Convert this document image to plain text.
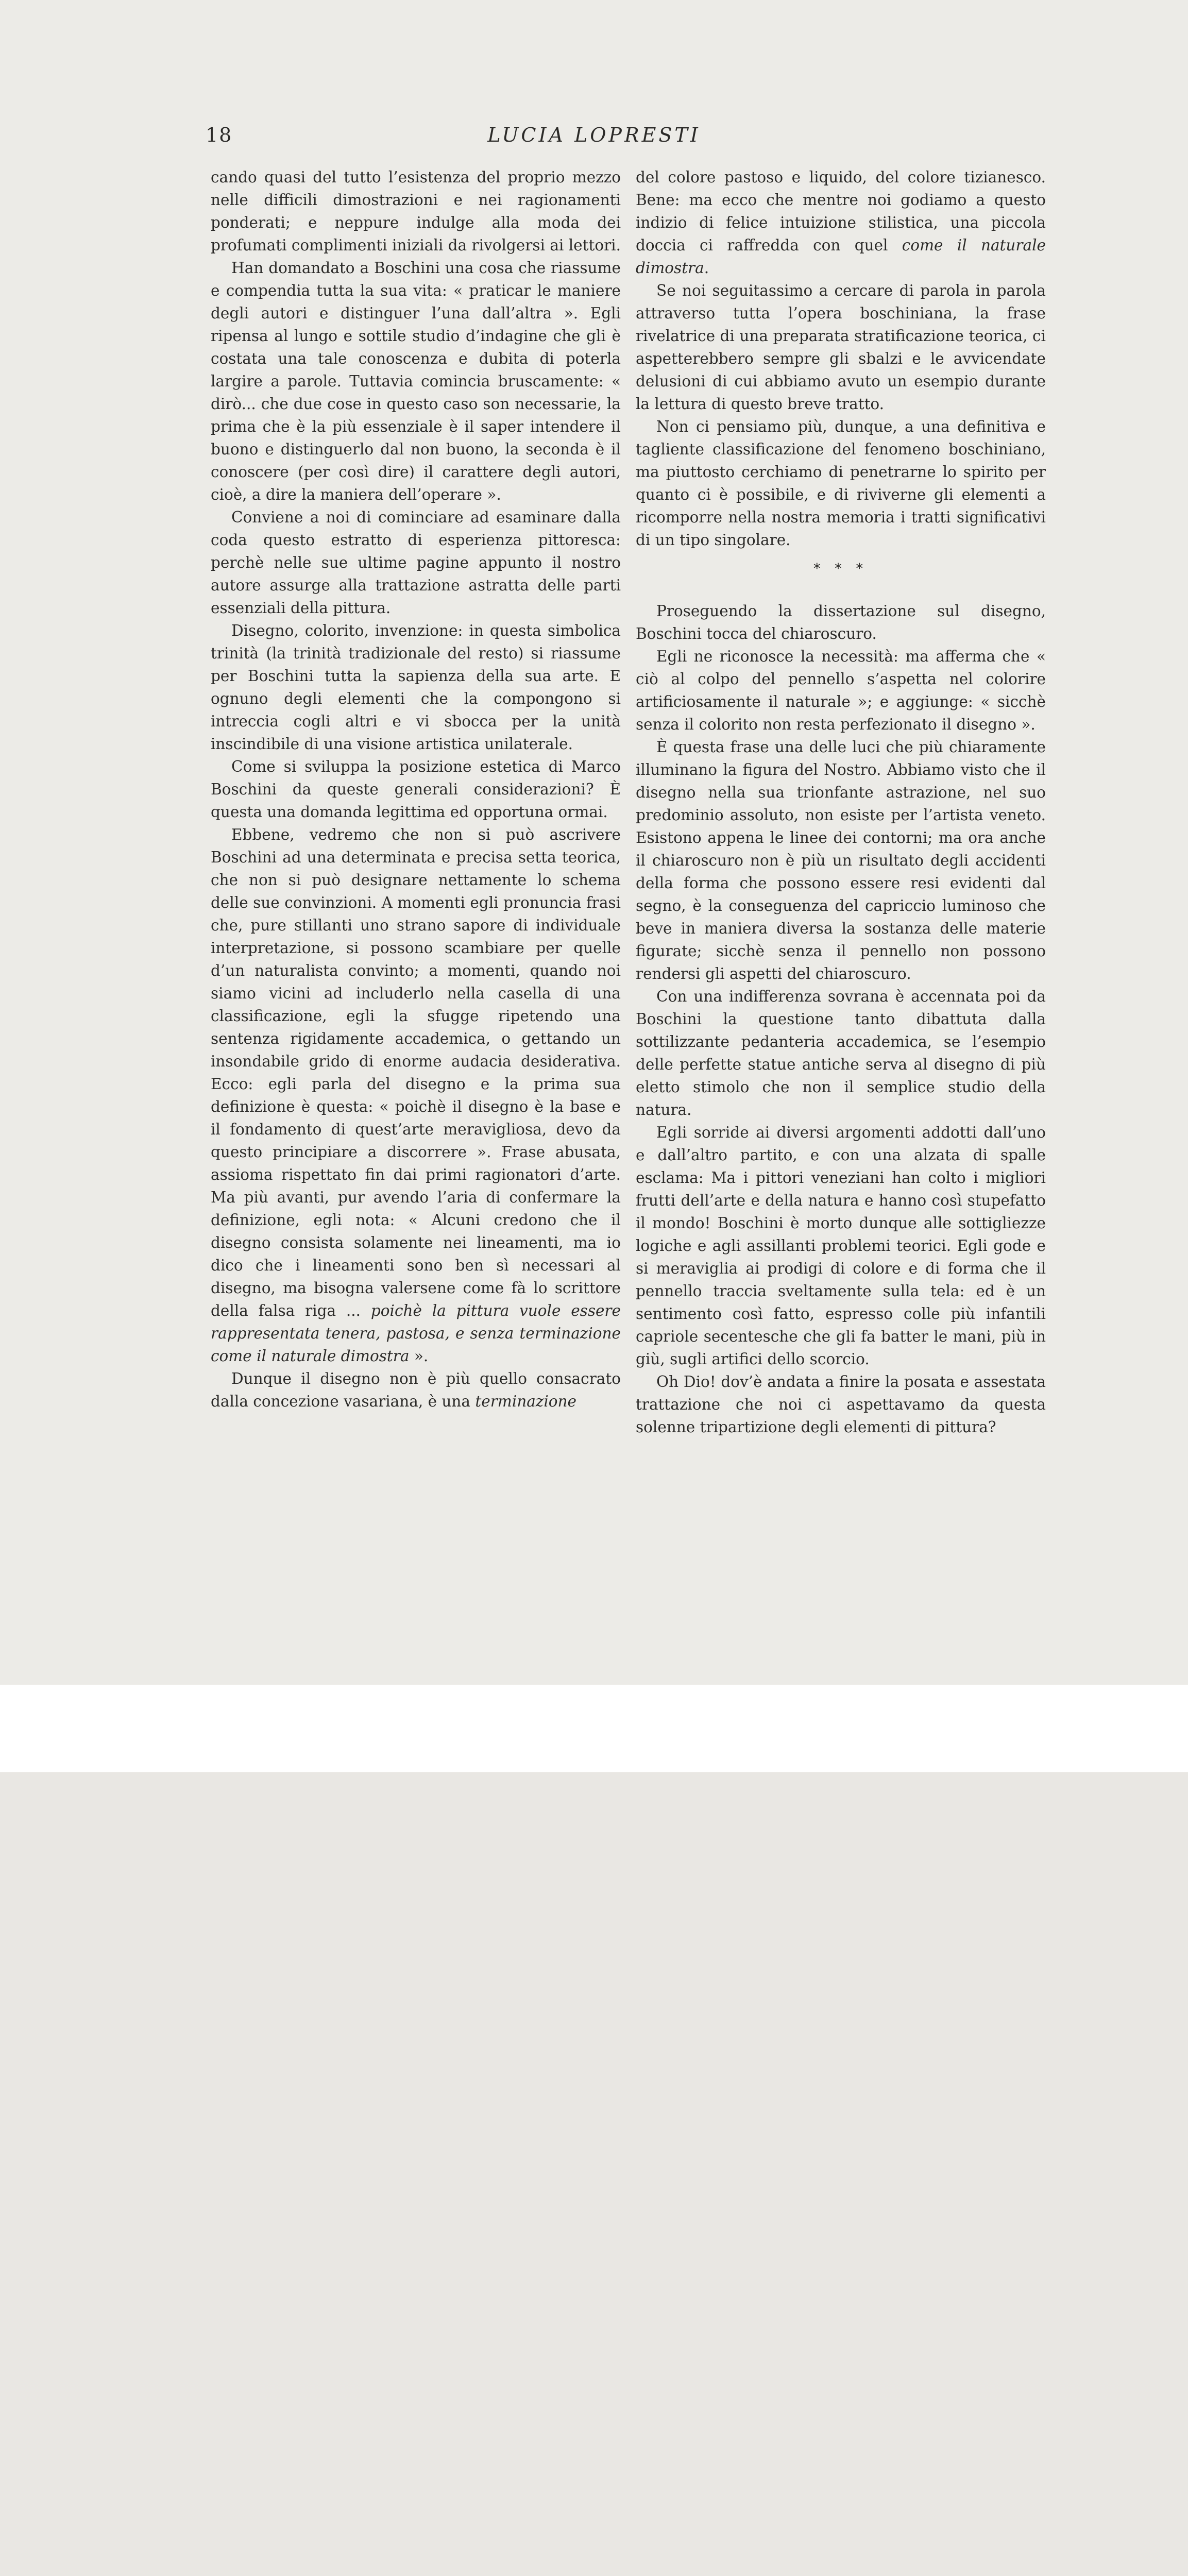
18	LUCIA LOPRESTI

cando quasi del tutto l’esistenza del proprio mezzo nelle difficili dimostrazioni e nei ragionamenti ponderati; e neppure indulge alla moda dei profumati complimenti iniziali da rivolgersi ai lettori.

Han domandato a Boschini una cosa che riassume e compendia tutta la sua vita: « praticar le maniere degli autori e distinguer l’una dall’altra ». Egli ripensa al lungo e sottile studio d’indagine che gli è costata una tale conoscenza e dubita di poterla largire a parole. Tuttavia comincia bruscamente: « dirò... che due cose in questo caso son necessarie, la prima che è la più essenziale è il saper intendere il buono e distinguerlo dal non buono, la seconda è il conoscere (per così dire) il carattere degli autori, cioè, a dire la maniera dell’operare ».

Conviene a noi di cominciare ad esaminare dalla coda questo estratto di esperienza pittoresca: perchè nelle sue ultime pagine appunto il nostro autore assurge alla trattazione astratta delle parti essenziali della pittura.

Disegno, colorito, invenzione: in questa simbolica trinità (la trinità tradizionale del resto) si riassume per Boschini tutta la sapienza della sua arte. E ognuno degli elementi che la compongono si intreccia cogli altri e vi sbocca per la unità inscindibile di una visione artistica unilaterale.

Come si sviluppa la posizione estetica di Marco Boschini da queste generali considerazioni? È questa una domanda legittima ed opportuna ormai.

Ebbene, vedremo che non si può ascrivere Boschini ad una determinata e precisa setta teorica, che non si può designare nettamente lo schema delle sue convinzioni. A momenti egli pronuncia frasi che, pure stillanti uno strano sapore di individuale interpretazione, si possono scambiare per quelle d’un naturalista convinto; a momenti, quando noi siamo vicini ad includerlo nella casella di una classificazione, egli la sfugge ripetendo una sentenza rigidamente accademica, o gettando un insondabile grido di enorme audacia desiderativa. Ecco: egli parla del disegno e la prima sua definizione è questa: « poichè il disegno è la base e il fondamento di quest’arte meravigliosa, devo da questo principiare a discorrere ». Frase abusata, assioma rispettato fin dai primi ragionatori d’arte. Ma più avanti, pur avendo l’aria di confermare la definizione, egli nota: « Alcuni credono che il disegno consista solamente nei lineamenti, ma io dico che i lineamenti sono ben sì necessari al disegno, ma bisogna valersene come fà lo scrittore della falsa riga ... poichè la pittura vuole essere rappresentata tenera, pastosa, e senza terminazione come il naturale dimostra ».

Dunque il disegno non è più quello consacrato dalla concezione vasariana, è una terminazione

del colore pastoso e liquido, del colore tizianesco. Bene: ma ecco che mentre noi godiamo a questo indizio di felice intuizione stilistica, una piccola doccia ci raffredda con quel come il naturale dimostra.

Se noi seguitassimo a cercare di parola in parola attraverso tutta l’opera boschiniana, la frase rivelatrice di una preparata stratificazione teorica, ci aspetterebbero sempre gli sbalzi e le avvicendate delusioni di cui abbiamo avuto un esempio durante la lettura di questo breve tratto.

Non ci pensiamo più, dunque, a una definitiva e tagliente classificazione del fenomeno boschiniano, ma piuttosto cerchiamo di penetrarne lo spirito per quanto ci è possibile, e di riviverne gli elementi a ricomporre nella nostra memoria i tratti significativi di un tipo singolare.

* * *

Proseguendo la dissertazione sul disegno, Boschini tocca del chiaroscuro.

Egli ne riconosce la necessità: ma afferma che « ciò al colpo del pennello s’aspetta nel colorire artificiosamente il naturale »; e aggiunge: « sicchè senza il colorito non resta perfezionato il disegno ».

È questa frase una delle luci che più chiaramente illuminano la figura del Nostro. Abbiamo visto che il disegno nella sua trionfante astrazione, nel suo predominio assoluto, non esiste per l’artista veneto. Esistono appena le linee dei contorni; ma ora anche il chiaroscuro non è più un risultato degli accidenti della forma che possono essere resi evidenti dal segno, è la conseguenza del capriccio luminoso che beve in maniera diversa la sostanza delle materie figurate; sicchè senza il pennello non possono rendersi gli aspetti del chiaroscuro.

Con una indifferenza sovrana è accennata poi da Boschini la questione tanto dibattuta dalla sottilizzante pedanteria accademica, se l’esempio delle perfette statue antiche serva al disegno di più eletto stimolo che non il semplice studio della natura.

Egli sorride ai diversi argomenti addotti dall’uno e dall’altro partito, e con una alzata di spalle esclama: Ma i pittori veneziani han colto i migliori frutti dell’arte e della natura e hanno così stupefatto il mondo! Boschini è morto dunque alle sottigliezze logiche e agli assillanti problemi teorici. Egli gode e si meraviglia ai prodigi di colore e di forma che il pennello traccia sveltamente sulla tela: ed è un sentimento così fatto, espresso colle più infantili capriole secentesche che gli fa batter le mani, più in giù, sugli artifici dello scorcio.

Oh Dio! dov’è andata a finire la posata e assestata trattazione che noi ci aspettavamo da questa solenne tripartizione degli elementi di pittura?
